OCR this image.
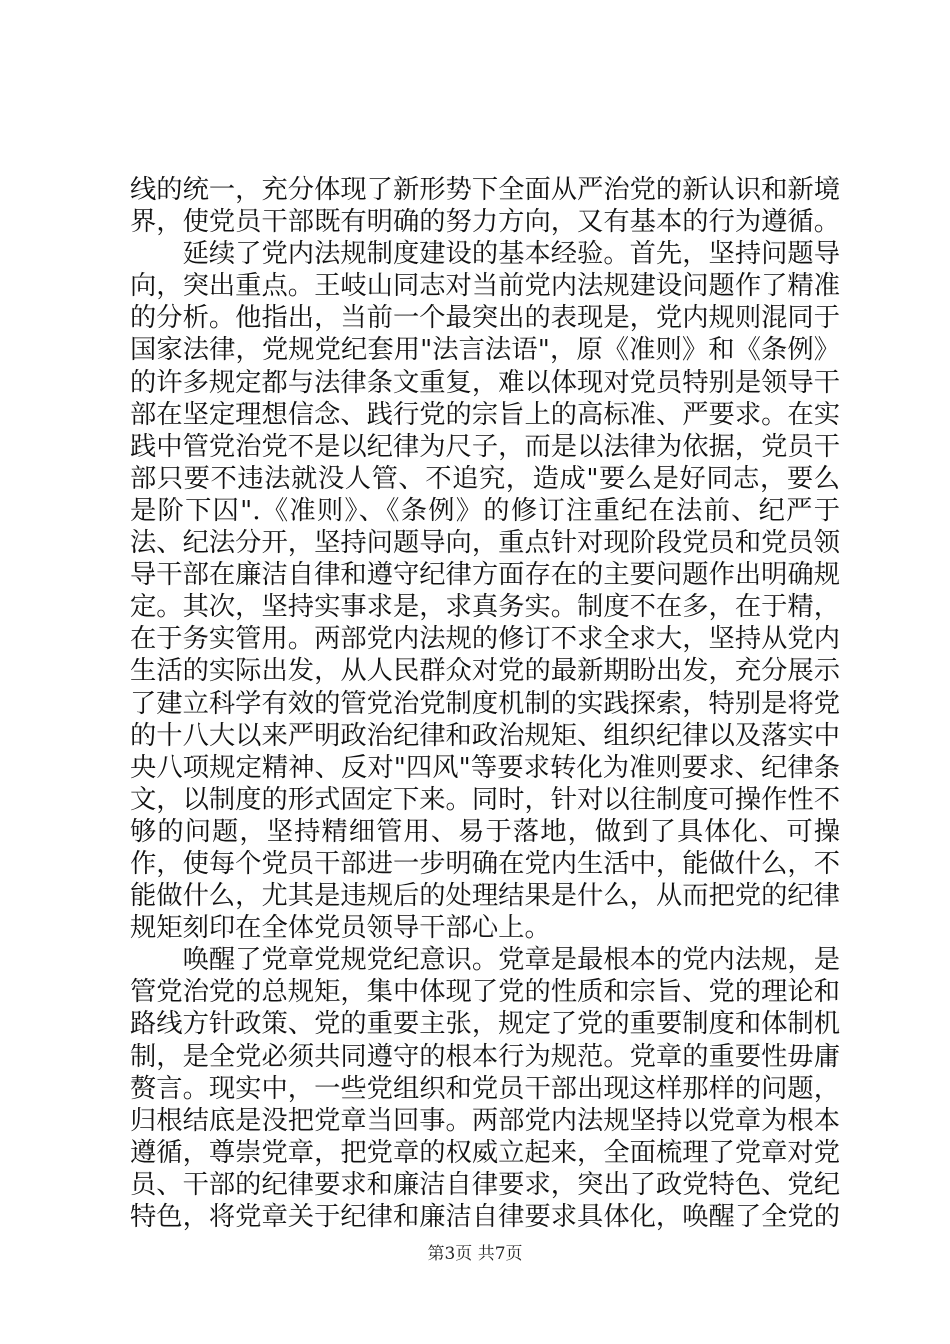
线的统一，充分体现了新形势下全面从严治党的新认识和新境界，使党员干部既有明确的努力方向，又有基本的行为遵循。

延续了党内法规制度建设的基本经验。首先，坚持问题导向，突出重点。王岐山同志对当前党内法规建设问题作了精准的分析。他指出，当前一个最突出的表现是，党内规则混同于国家法律，党规党纪套用"法言法语"，原《准则》和《条例》的许多规定都与法律条文重复，难以体现对党员特别是领导干部在坚定理想信念、践行党的宗旨上的高标准、严要求。在实践中管党治党不是以纪律为尺子，而是以法律为依据，党员干部只要不违法就没人管、不追究，造成"要么是好同志，要么是阶下囚".《准则》、《条例》的修订注重纪在法前、纪严于法、纪法分开，坚持问题导向，重点针对现阶段党员和党员领导干部在廉洁自律和遵守纪律方面存在的主要问题作出明确规定。其次，坚持实事求是，求真务实。制度不在多，在于精，在于务实管用。两部党内法规的修订不求全求大，坚持从党内生活的实际出发，从人民群众对党的最新期盼出发，充分展示了建立科学有效的管党治党制度机制的实践探索，特别是将党的十八大以来严明政治纪律和政治规矩、组织纪律以及落实中央八项规定精神、反对"四风"等要求转化为准则要求、纪律条文，以制度的形式固定下来。同时，针对以往制度可操作性不够的问题，坚持精细管用、易于落地，做到了具体化、可操作，使每个党员干部进一步明确在党内生活中，能做什么，不能做什么，尤其是违规后的处理结果是什么，从而把党的纪律规矩刻印在全体党员领导干部心上。

唤醒了党章党规党纪意识。党章是最根本的党内法规，是管党治党的总规矩，集中体现了党的性质和宗旨、党的理论和路线方针政策、党的重要主张，规定了党的重要制度和体制机制，是全党必须共同遵守的根本行为规范。党章的重要性毋庸赘言。现实中，一些党组织和党员干部出现这样那样的问题，归根结底是没把党章当回事。两部党内法规坚持以党章为根本遵循，尊崇党章，把党章的权威立起来，全面梳理了党章对党员、干部的纪律要求和廉洁自律要求，突出了政党特色、党纪特色，将党章关于纪律和廉洁自律要求具体化，唤醒了全党的

第3页 共7页
